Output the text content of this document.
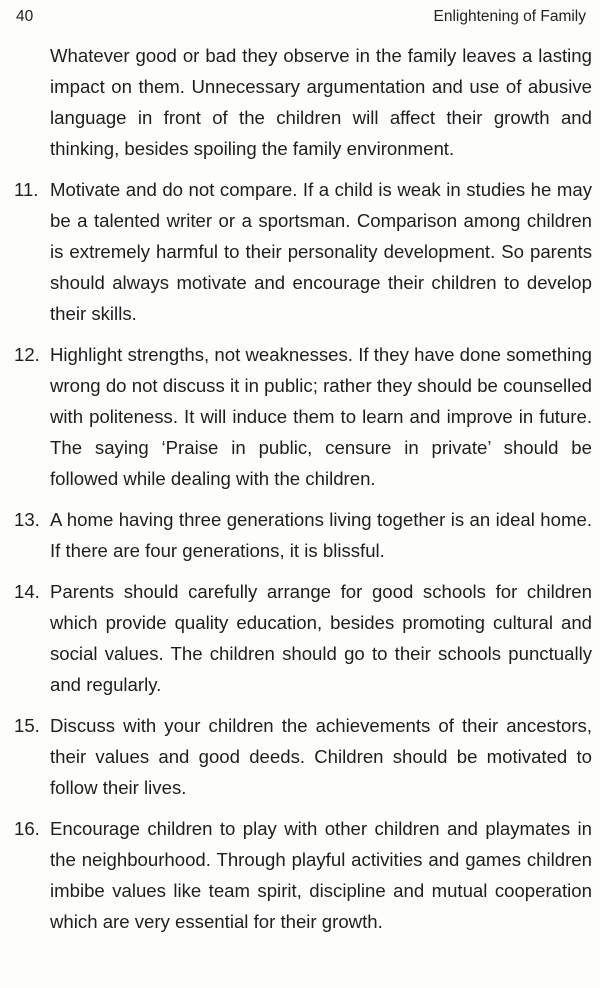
40	Enlightening of Family

Whatever good or bad they observe in the family leaves a lasting impact on them. Unnecessary argumentation and use of abusive language in front of the children will affect their growth and thinking, besides spoiling the family environment.

11. Motivate and do not compare. If a child is weak in studies he may be a talented writer or a sportsman. Comparison among children is extremely harmful to their personality development. So parents should always motivate and encourage their children to develop their skills.
12. Highlight strengths, not weaknesses. If they have done something wrong do not discuss it in public; rather they should be counselled with politeness. It will induce them to learn and improve in future. The saying ‘Praise in public, censure in private’ should be followed while dealing with the children.
13. A home having three generations living together is an ideal home. If there are four generations, it is blissful.
14. Parents should carefully arrange for good schools for children which provide quality education, besides promoting cultural and social values. The children should go to their schools punctually and regularly.
15. Discuss with your children the achievements of their ancestors, their values and good deeds. Children should be motivated to follow their lives.
16. Encourage children to play with other children and playmates in the neighbourhood. Through playful activities and games children imbibe values like team spirit, discipline and mutual cooperation which are very essential for their growth.
